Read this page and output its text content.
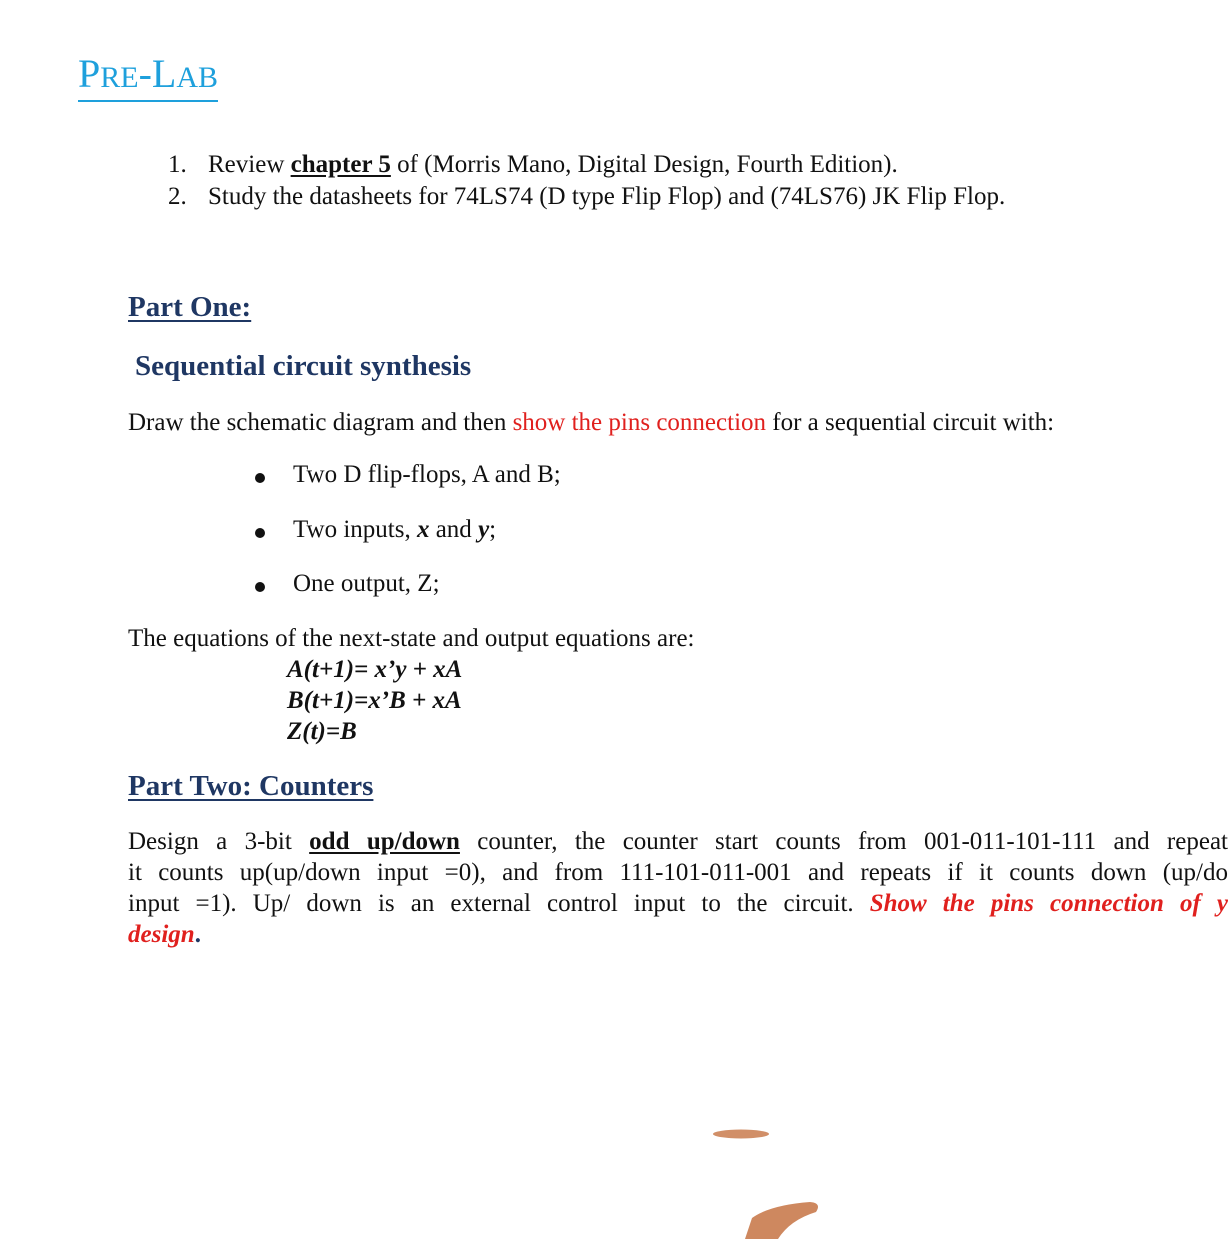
PRE-LAB
1. Review chapter 5 of (Morris Mano, Digital Design, Fourth Edition).
2. Study the datasheets for 74LS74 (D type Flip Flop) and (74LS76) JK Flip Flop.
Part One:
Sequential circuit synthesis
Draw the schematic diagram and then show the pins connection for a sequential circuit with:
Two D flip-flops, A and B;
Two inputs, x and y;
One output, Z;
The equations of the next-state and output equations are:
A(t+1)= x’y + xA
B(t+1)=x’B + xA
Z(t)=B
Part Two: Counters
Design a 3-bit odd up/down counter, the counter start counts from 001-011-101-111 and repeat
it counts up(up/down input =0), and from 111-101-011-001 and repeats if it counts down (up/do
input =1). Up/ down is an external control input to the circuit. Show the pins connection of y
design.
